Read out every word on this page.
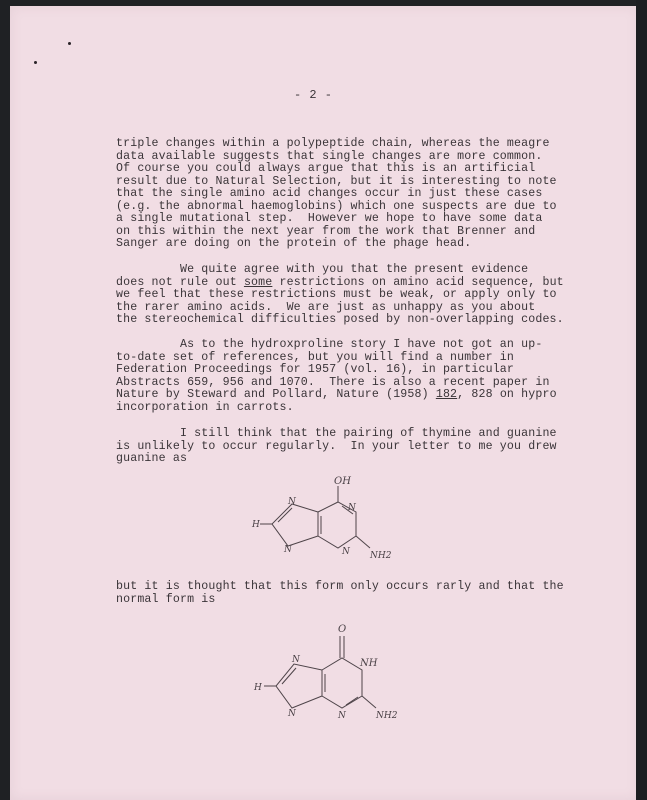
- 2 -
triple changes within a polypeptide chain, whereas the meagre
data available suggests that single changes are more common.
Of course you could always argue that this is an artificial
result due to Natural Selection, but it is interesting to note
that the single amino acid changes occur in just these cases
(e.g. the abnormal haemoglobins) which one suspects are due to
a single mutational step.  However we hope to have some data
on this within the next year from the work that Brenner and
Sanger are doing on the protein of the phage head.
We quite agree with you that the present evidence
does not rule out some restrictions on amino acid sequence, but
we feel that these restrictions must be weak, or apply only to
the rarer amino acids.  We are just as unhappy as you about
the stereochemical difficulties posed by non-overlapping codes.
As to the hydroxproline story I have not got an up-
to-date set of references, but you will find a number in
Federation Proceedings for 1957 (vol. 16), in particular
Abstracts 659, 956 and 1070.  There is also a recent paper in
Nature by Steward and Pollard, Nature (1958) 182, 828 on hypro
incorporation in carrots.
I still think that the pairing of thymine and guanine
is unlikely to occur regularly.  In your letter to me you drew
guanine as
OH
N
N
N	N
H
NH2
but it is thought that this form only occurs rarly and that the
normal form is
O
NH
N
N	N
H
NH2
